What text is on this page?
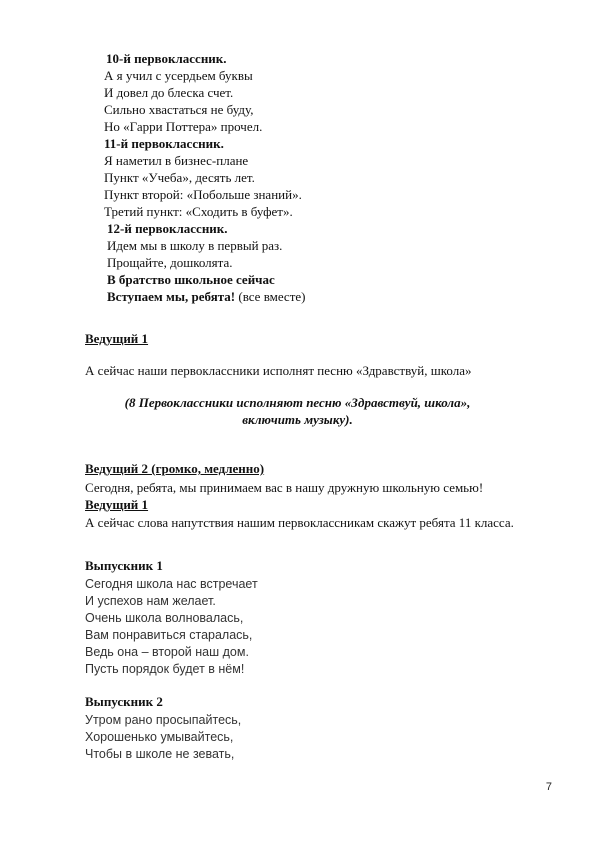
10-й первоклассник.
А я учил с усердьем буквы
И довел до блеска счет.
Сильно хвастаться не буду,
Но «Гарри Поттера» прочел.
11-й первоклассник.
Я наметил в бизнес-плане
Пункт «Учеба», десять лет.
Пункт второй: «Побольше знаний».
Третий пункт: «Сходить в буфет».
12-й первоклассник.
Идем мы в школу в первый раз.
Прощайте, дошколята.
В братство школьное сейчас
Вступаем мы, ребята! (все вместе)
Ведущий 1
А сейчас наши первоклассники исполнят песню «Здравствуй, школа»
(8 Первоклассники исполняют песню «Здравствуй, школа»,
включить музыку).
Ведущий 2 (громко, медленно)
Сегодня, ребята, мы принимаем вас в нашу дружную школьную семью!
Ведущий 1
А сейчас слова напутствия нашим первоклассникам скажут ребята 11 класса.
Выпускник 1
Сегодня школа нас встречает
И успехов нам желает.
Очень школа волновалась,
Вам понравиться старалась,
Ведь она – второй наш дом.
Пусть порядок будет в нём!
Выпускник 2
Утром рано просыпайтесь,
Хорошенько умывайтесь,
Чтобы в школе не зевать,
7
